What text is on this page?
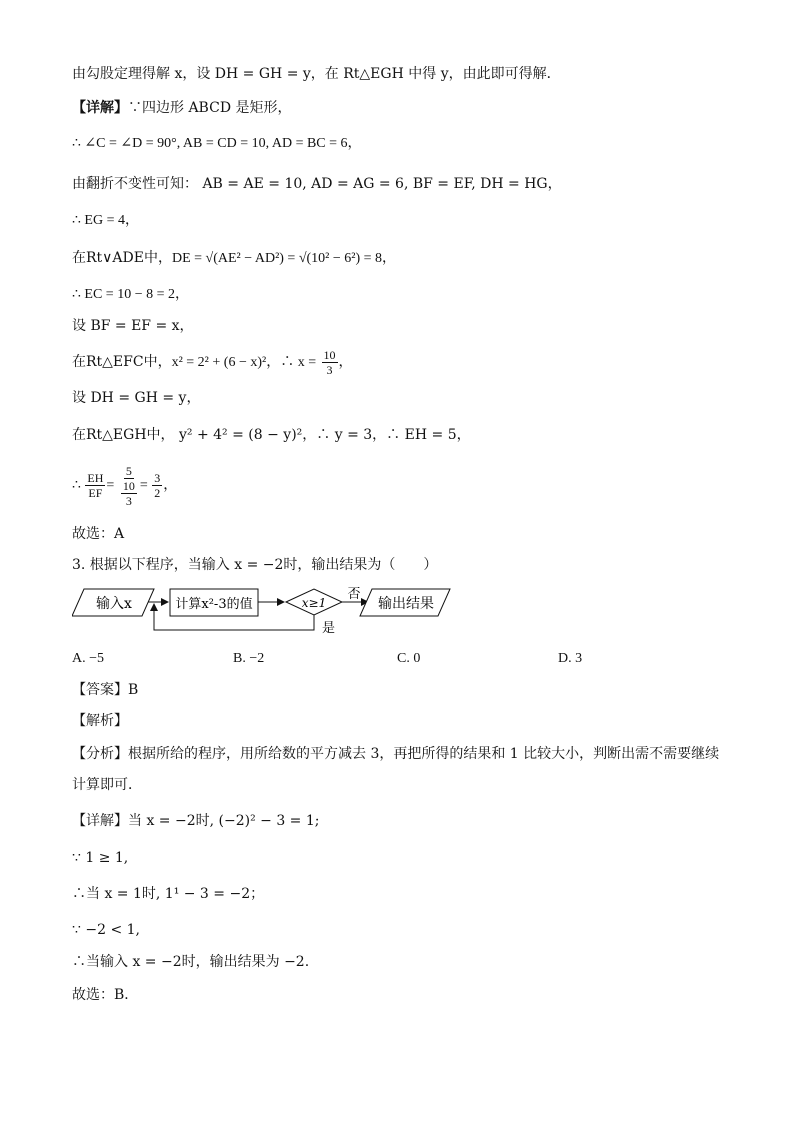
由勾股定理得解 x，设 DH = GH = y，在 Rt△EGH 中得 y，由此即可得解．
【详解】∵四边形 ABCD 是矩形，
∴ ∠C = ∠D = 90°, AB = CD = 10, AD = BC = 6，
由翻折不变性可知： AB = AE = 10, AD = AG = 6, BF = EF, DH = HG，
∴ EG = 4，
在Rt∨ADE中，DE = √(AE² − AD²) = √(10² − 6²) = 8，
∴ EC = 10 − 8 = 2，
设 BF = EF = x，
在Rt△EFC中，x² = 2² + (6 − x)²，∴ $x = \frac{10}{3}$ ，
设 DH = GH = y，
在Rt△EGH中， y² + 4² = (8 − y)²，∴ y = 3，∴ EH = 5，
∴ $\frac{EH}{EF} = \frac{5}{\frac{10}{3}} = \frac{3}{2}$ ，
故选：A
3. 根据以下程序，当输入 x = −2时，输出结果为（　　）
输入x	计算x²-3的值	x≥1
否
输出结果
是
A. −5	B. −2	C. 0	D. 3
【答案】B
【解析】
【分析】根据所给的程序，用所给数的平方减去 3，再把所得的结果和 1 比较大小，判断出需不需要继续
计算即可．
【详解】当 x = −2时, (−2)² − 3 = 1;
∵ 1 ≥ 1,
∴当 x = 1时, 1¹ − 3 = −2；
∵ −2 < 1,
∴当输入 x = −2时，输出结果为 −2.
故选：B．
